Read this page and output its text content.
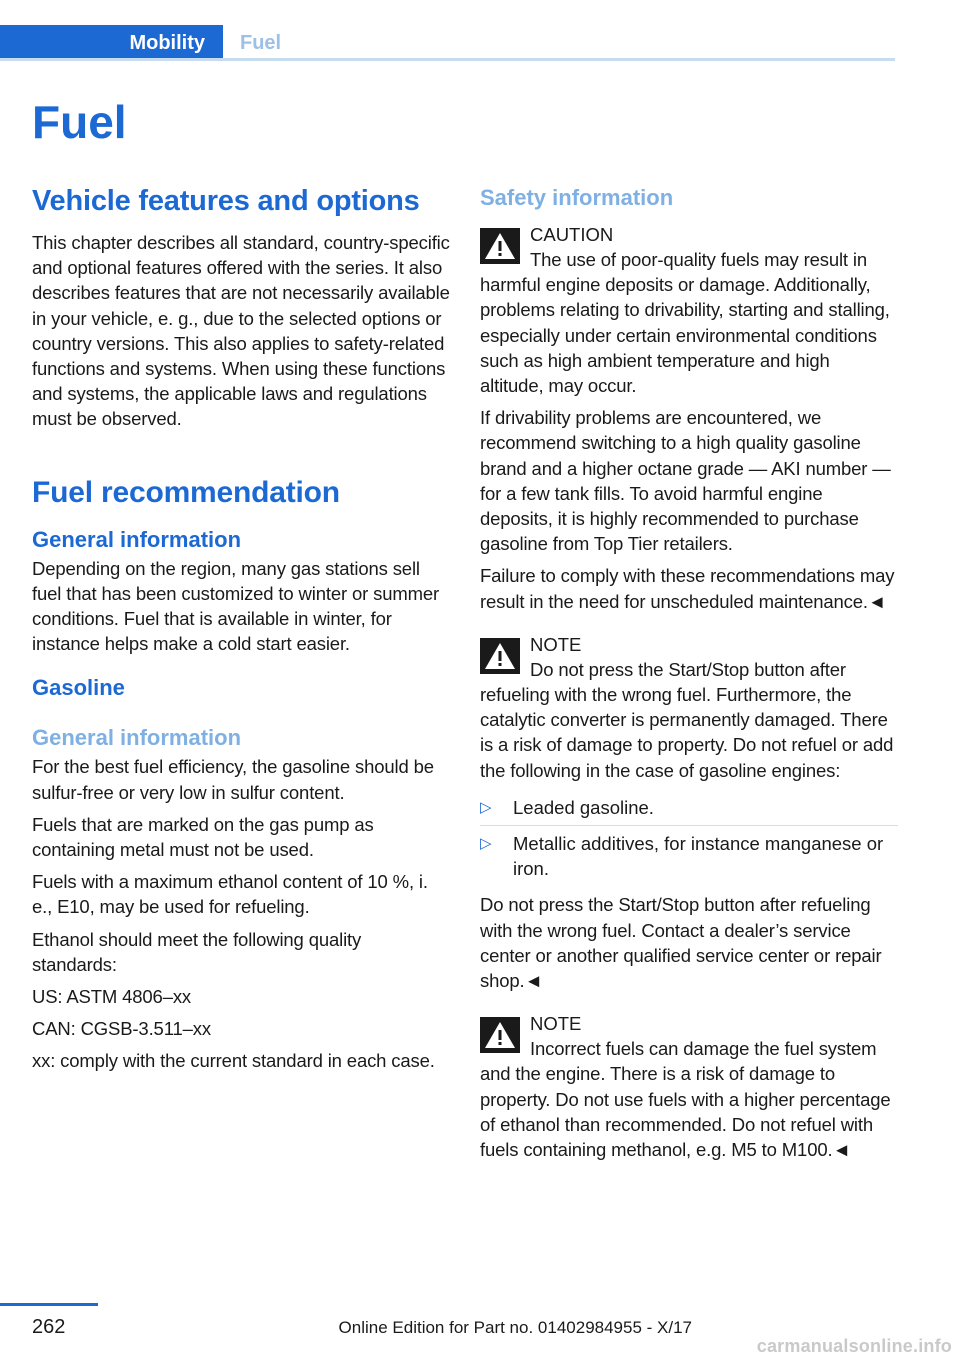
Mobility	Fuel
Fuel
Vehicle features and options

This chapter describes all standard, country-specific and optional features offered with the series. It also describes features that are not necessarily available in your vehicle, e. g., due to the selected options or country versions. This also applies to safety-related functions and systems. When using these functions and systems, the applicable laws and regulations must be observed.

Fuel recommendation
General information

Depending on the region, many gas stations sell fuel that has been customized to winter or summer conditions. Fuel that is available in winter, for instance helps make a cold start easier.

Gasoline
General information

For the best fuel efficiency, the gasoline should be sulfur-free or very low in sulfur content.

Fuels that are marked on the gas pump as containing metal must not be used.

Fuels with a maximum ethanol content of 10 %, i. e., E10, may be used for refueling.

Ethanol should meet the following quality standards:

US: ASTM 4806–xx

CAN: CGSB-3.511–xx

xx: comply with the current standard in each case.

Safety information

CAUTION

The use of poor-quality fuels may result in harmful engine deposits or damage. Additionally, problems relating to drivability, starting and stalling, especially under certain environmental conditions such as high ambient temperature and high altitude, may occur.

If drivability problems are encountered, we recommend switching to a high quality gasoline brand and a higher octane grade — AKI number — for a few tank fills. To avoid harmful engine deposits, it is highly recommended to purchase gasoline from Top Tier retailers.

Failure to comply with these recommendations may result in the need for unscheduled maintenance.◄

NOTE

Do not press the Start/Stop button after refueling with the wrong fuel. Furthermore, the catalytic converter is permanently damaged. There is a risk of damage to property. Do not refuel or add the following in the case of gasoline engines:

▷ Leaded gasoline.
▷ Metallic additives, for instance manganese or iron.

Do not press the Start/Stop button after refueling with the wrong fuel. Contact a dealer’s service center or another qualified service center or repair shop.◄

NOTE

Incorrect fuels can damage the fuel system and the engine. There is a risk of damage to property. Do not use fuels with a higher percentage of ethanol than recommended. Do not refuel with fuels containing methanol, e.g. M5 to M100.◄

262	Online Edition for Part no. 01402984955 - X/17
carmanualsonline.info
